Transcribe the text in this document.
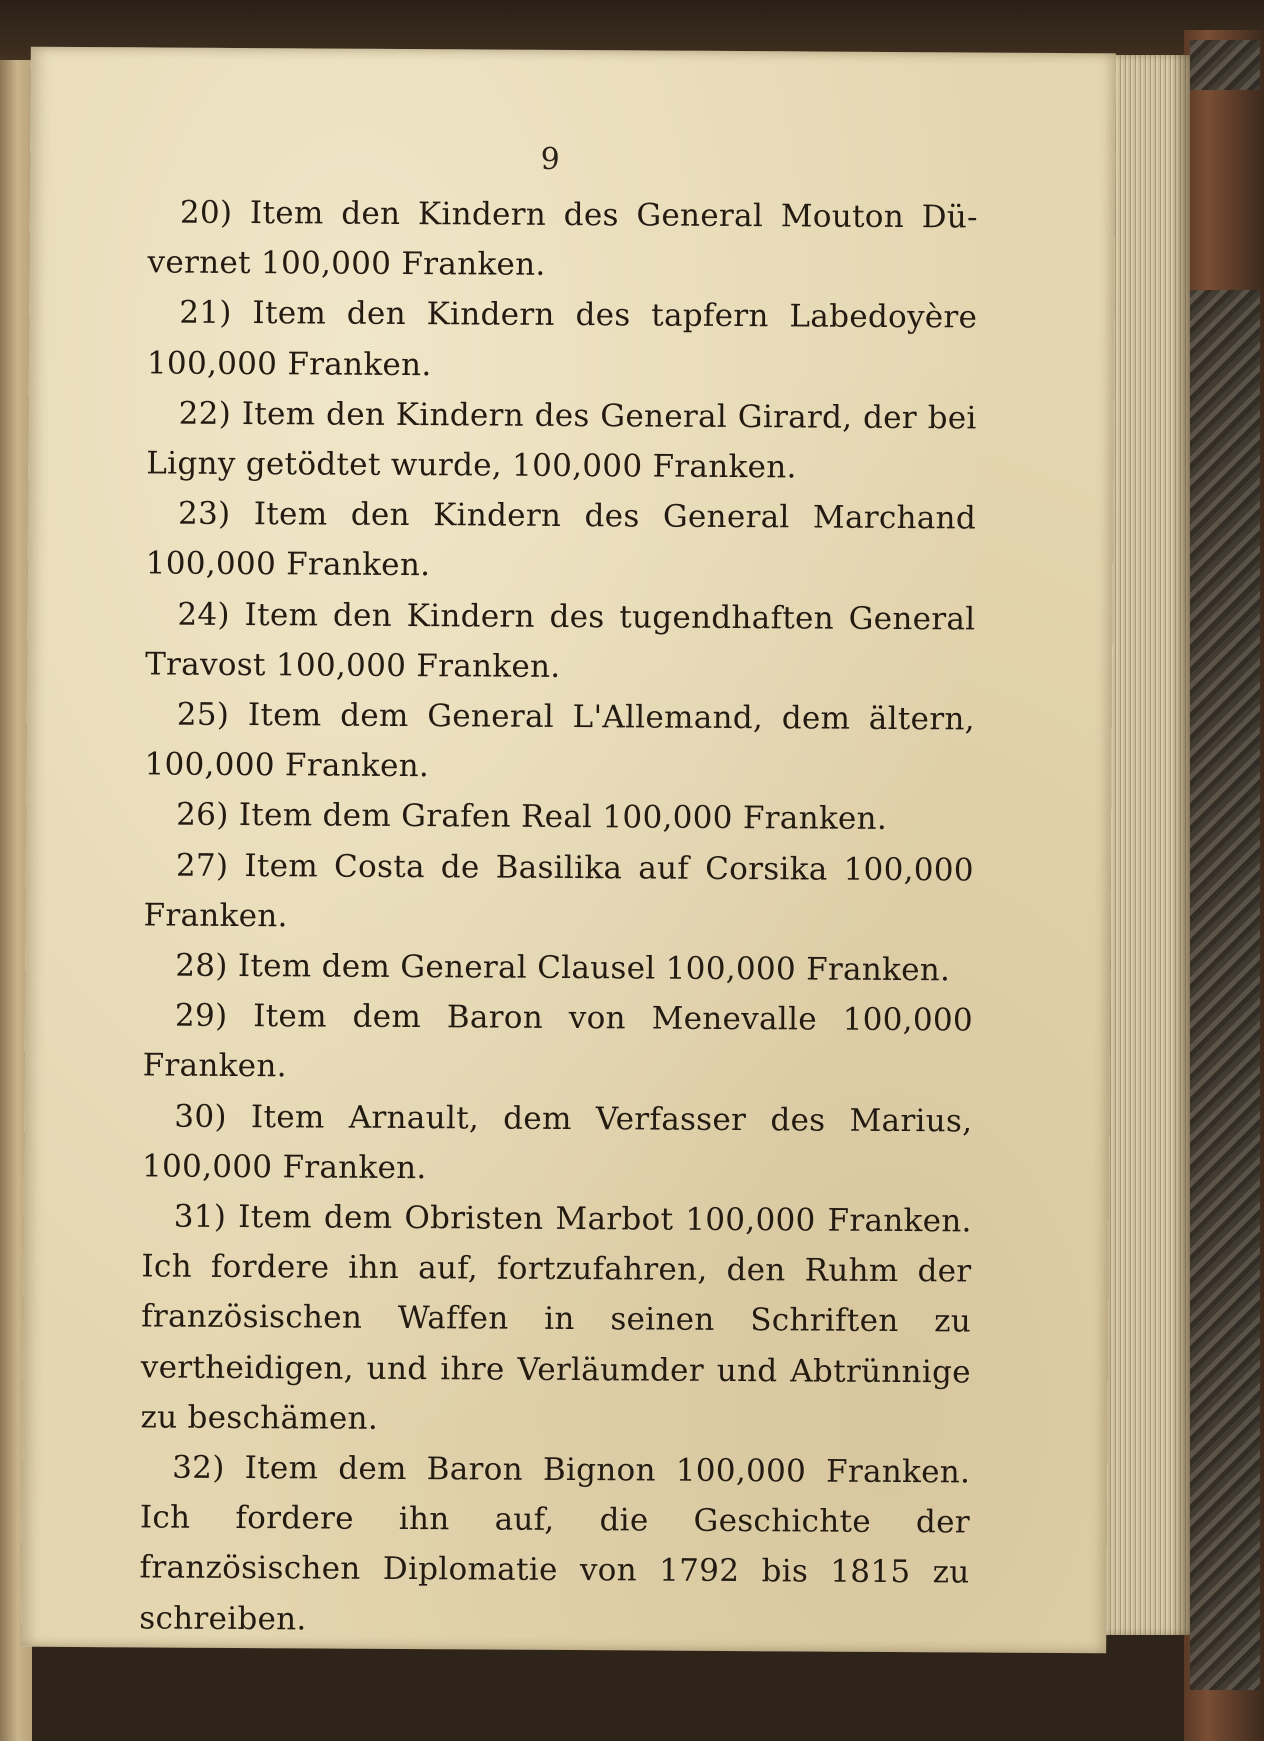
9

20) Item den Kindern des General Mouton Dü-vernet 100,000 Franken.

21) Item den Kindern des tapfern Labedoyère 100,000 Franken.

22) Item den Kindern des General Girard, der bei Ligny getödtet wurde, 100,000 Franken.

23) Item den Kindern des General Marchand 100,000 Franken.

24) Item den Kindern des tugendhaften General Travost 100,000 Franken.

25) Item dem General L'Allemand, dem ältern, 100,000 Franken.

26) Item dem Grafen Real 100,000 Franken.

27) Item Costa de Basilika auf Corsika 100,000 Franken.

28) Item dem General Clausel 100,000 Franken.

29) Item dem Baron von Menevalle 100,000 Franken.

30) Item Arnault, dem Verfasser des Marius, 100,000 Franken.

31) Item dem Obristen Marbot 100,000 Franken. Ich fordere ihn auf, fortzufahren, den Ruhm der französischen Waffen in seinen Schriften zu vertheidigen, und ihre Verläumder und Abtrünnige zu beschämen.

32) Item dem Baron Bignon 100,000 Franken. Ich fordere ihn auf, die Geschichte der französischen Diplomatie von 1792 bis 1815 zu schreiben.
